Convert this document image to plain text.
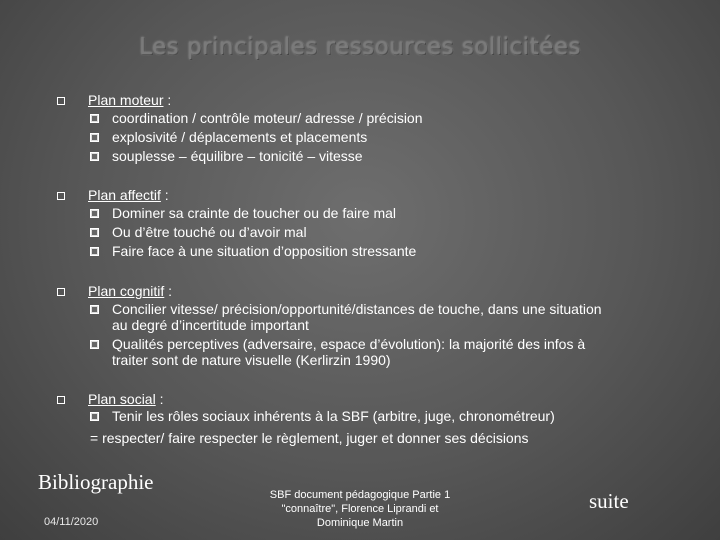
Les principales ressources sollicitées
Plan moteur :
coordination / contrôle moteur/ adresse / précision
explosivité / déplacements et placements
souplesse – équilibre – tonicité – vitesse
Plan affectif :
Dominer sa crainte de toucher ou de faire mal
Ou d’être touché ou d’avoir mal
Faire face à une situation d’opposition stressante
Plan cognitif :
Concilier vitesse/ précision/opportunité/distances de touche, dans une situation
au degré d’incertitude important
Qualités perceptives (adversaire, espace d’évolution): la majorité des infos à
traiter sont de nature visuelle (Kerlirzin 1990)
Plan social :
Tenir les rôles sociaux inhérents à la SBF (arbitre, juge, chronométreur)
= respecter/ faire respecter le règlement, juger et donner ses décisions
Bibliographie
04/11/2020
SBF document pédagogique Partie 1
"connaître", Florence Liprandi et
Dominique Martin
suite
